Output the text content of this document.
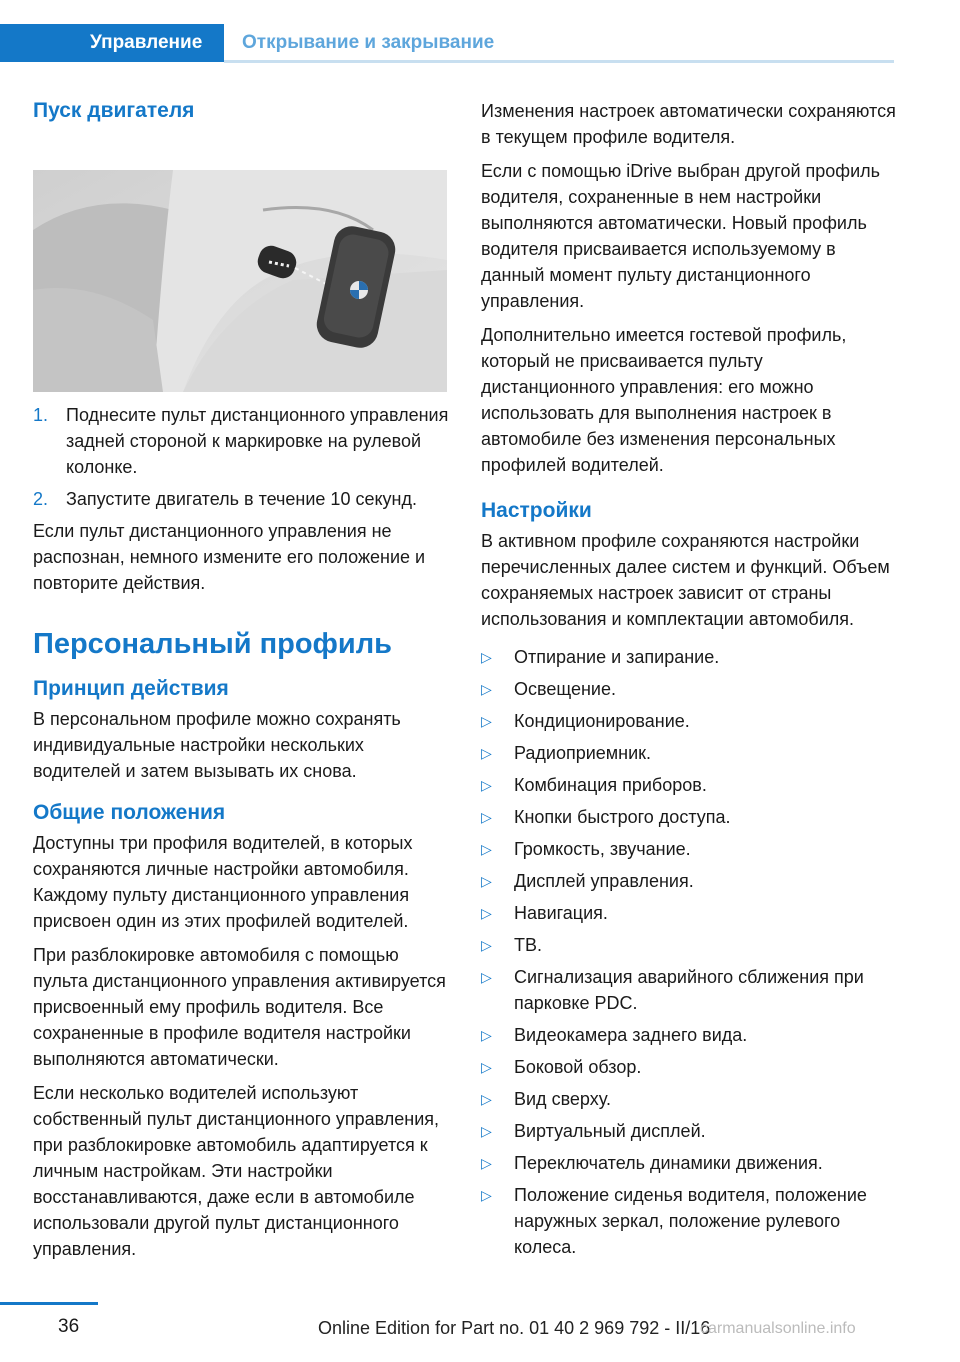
Управление	Открывание и закрывание
Пуск двигателя
1. Поднесите пульт дистанционного управления задней стороной к маркировке на рулевой колонке.
2. Запустите двигатель в течение 10 секунд.

Если пульт дистанционного управления не распознан, немного измените его положение и повторите действия.

Персональный профиль
Принцип действия

В персональном профиле можно сохранять индивидуальные настройки нескольких водителей и затем вызывать их снова.

Общие положения

Доступны три профиля водителей, в которых сохраняются личные настройки автомобиля. Каждому пульту дистанционного управления присвоен один из этих профилей водителей.

При разблокировке автомобиля с помощью пульта дистанционного управления активируется присвоенный ему профиль водителя. Все сохраненные в профиле водителя настройки выполняются автоматически.

Если несколько водителей используют собственный пульт дистанционного управления, при разблокировке автомобиль адаптируется к личным настройкам. Эти настройки восстанавливаются, даже если в автомобиле использовали другой пульт дистанционного управления.

Изменения настроек автоматически сохраняются в текущем профиле водителя.

Если с помощью iDrive выбран другой профиль водителя, сохраненные в нем настройки выполняются автоматически. Новый профиль водителя присваивается используемому в данный момент пульту дистанционного управления.

Дополнительно имеется гостевой профиль, который не присваивается пульту дистанционного управления: его можно использовать для выполнения настроек в автомобиле без изменения персональных профилей водителей.

Настройки

В активном профиле сохраняются настройки перечисленных далее систем и функций. Объем сохраняемых настроек зависит от страны использования и комплектации автомобиля.

▷ Отпирание и запирание.
▷ Освещение.
▷ Кондиционирование.
▷ Радиоприемник.
▷ Комбинация приборов.
▷ Кнопки быстрого доступа.
▷ Громкость, звучание.
▷ Дисплей управления.
▷ Навигация.
▷ ТВ.
▷ Сигнализация аварийного сближения при парковке PDC.
▷ Видеокамера заднего вида.
▷ Боковой обзор.
▷ Вид сверху.
▷ Виртуальный дисплей.
▷ Переключатель динамики движения.
▷ Положение сиденья водителя, положение наружных зеркал, положение рулевого колеса.
36	Online Edition for Part no. 01 40 2 969 792 - II/16
carmanualsonline.info
